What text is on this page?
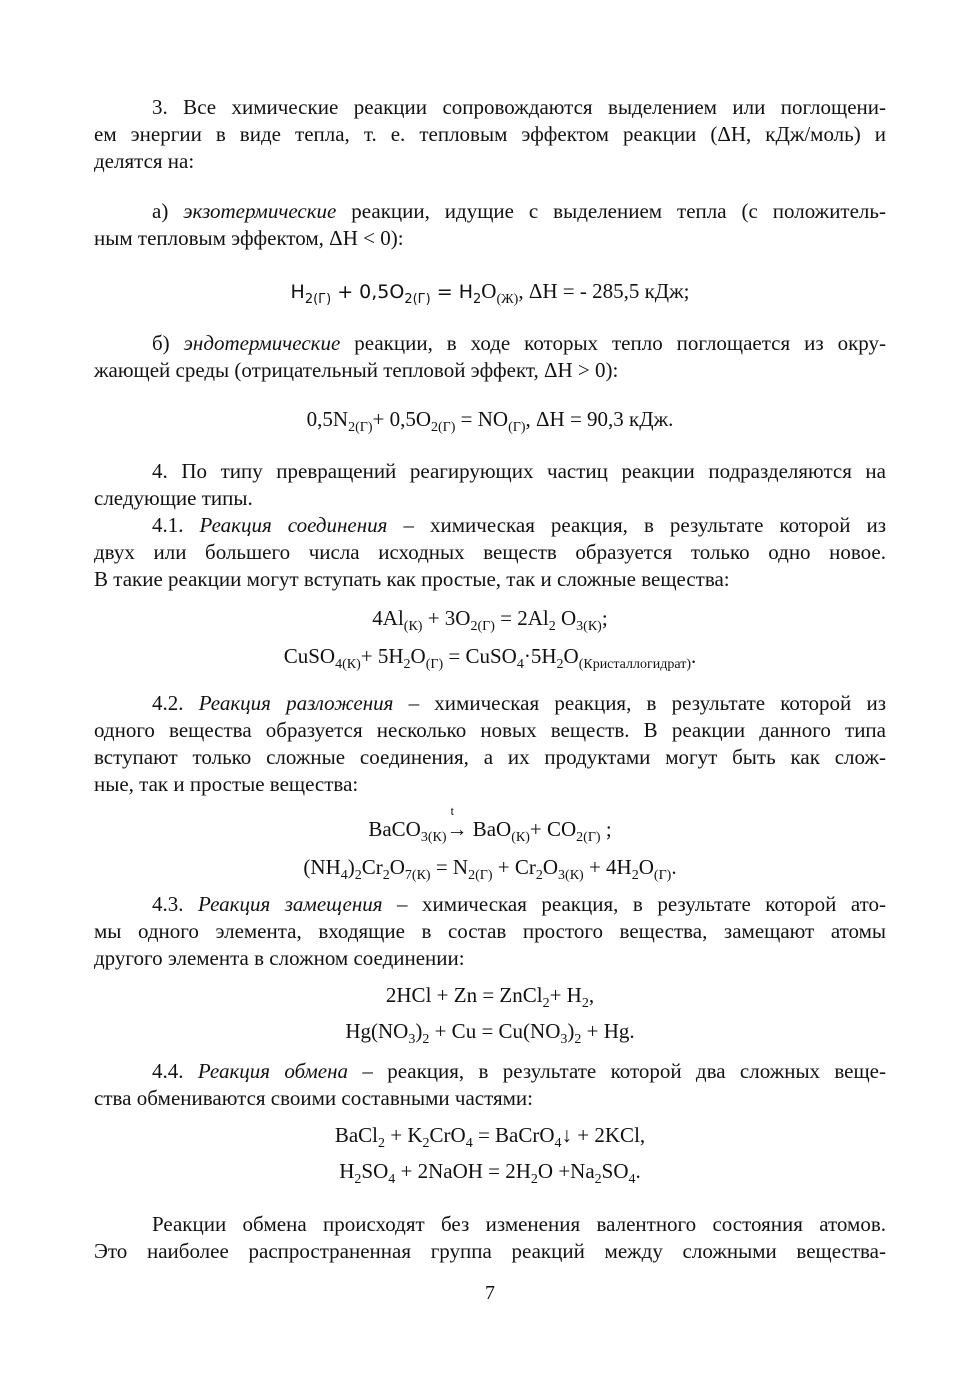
3. Все химические реакции сопровождаются выделением или поглощени-
ем энергии в виде тепла, т. е. тепловым эффектом реакции (ΔН, кДж/моль) и
делятся на:
а) экзотермические реакции, идущие с выделением тепла (с положитель-
ным тепловым эффектом, ΔН < 0):
$H_{2(Г)} + 0,5O_{2(Г)} = H_2O_{(Ж)}$, ΔН = - 285,5 кДж;
б) эндотермические реакции, в ходе которых тепло поглощается из окру-
жающей среды (отрицательный тепловой эффект, ΔН > 0):
$0,5N_{2(Г)}+ 0,5O_{2(Г)} = NO_{(Г)}$, ΔН = 90,3 кДж.
4. По типу превращений реагирующих частиц реакции подразделяются на
следующие типы.
4.1. Реакция соединения – химическая реакция, в результате которой из
двух или большего числа исходных веществ образуется только одно новое.
В такие реакции могут вступать как простые, так и сложные вещества:
$4Al_{(К)} + 3O_{2(Г)} = 2Al_2$ $O_{3(К)}$;
CuSO$_{4(К)}$+ $5H_2O_{(Г)}$ = $CuSO_4\cdot 5H_2O_{(Кристаллогидрат)}$.
4.2. Реакция разложения – химическая реакция, в результате которой из
одного вещества образуется несколько новых веществ. В реакции данного типа
вступают только сложные соединения, а их продуктами могут быть как слож-
ные, так и простые вещества:
BaCO$_{3(К)}$
t
→ $BaO_{(К)}+ CO_{2(Г)}$ ;
$(NH_4)_2Cr_2O_{7(К)} = N_{2(Г)} + Cr_2O_{3(К)} + 4H_2O_{(Г)}$.
4.3. Реакция замещения – химическая реакция, в результате которой ато-
мы одного элемента, входящие в состав простого вещества, замещают атомы
другого элемента в сложном соединении:
2HCl + Zn = ZnCl$_2$+ $H_2$,
$Hg(NO_3)_2 + Cu = Cu(NO_3)_2 + Hg$.
4.4. Реакция обмена – реакция, в результате которой два сложных веще-
ства обмениваются своими составными частями:
BaCl$_2$ + $K_2CrO_4$ = BaCrO$_4$↓ + 2KCl,
$H_2SO_4$ + 2NaOH = $2H_2O +Na_2SO_4$.
Реакции обмена происходят без изменения валентного состояния атомов.
Это наиболее распространенная группа реакций между сложными вещества-
7
